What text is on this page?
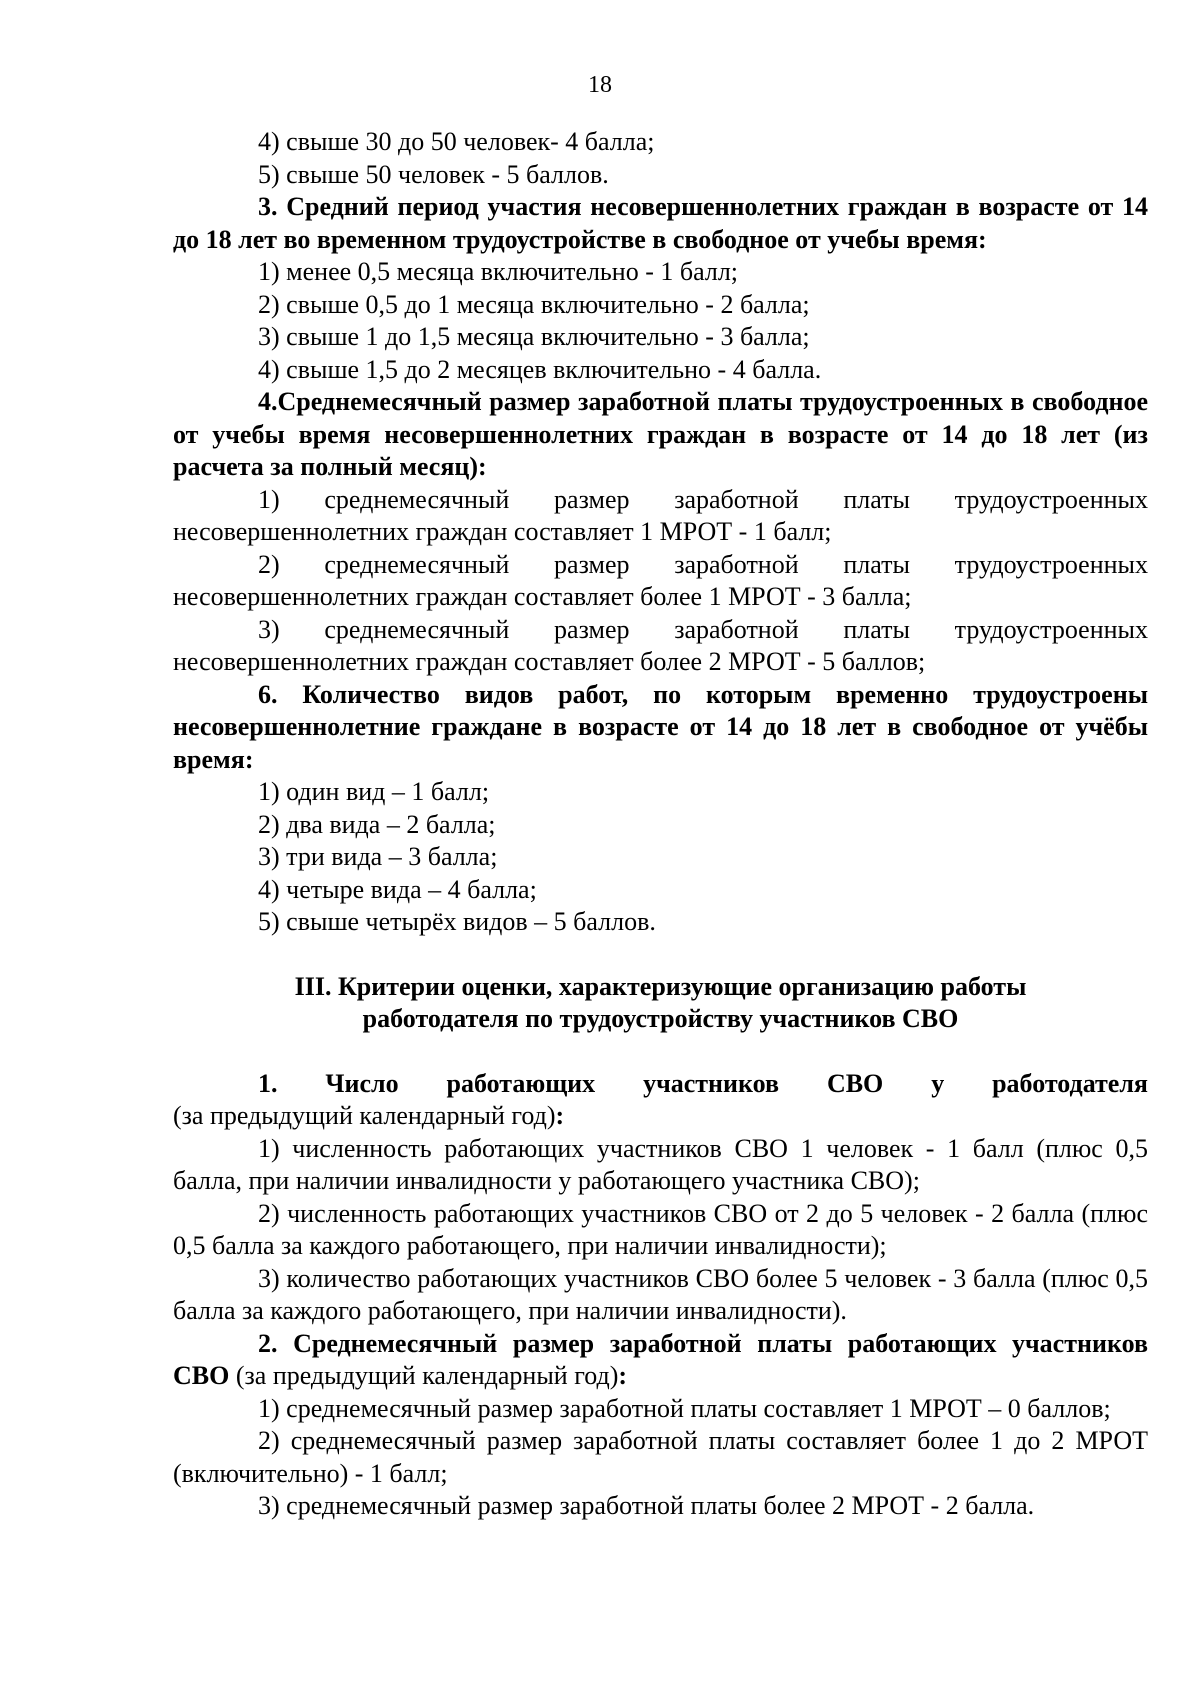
18

4) свыше 30 до 50 человек- 4 балла;

5) свыше 50 человек - 5 баллов.

3. Средний период участия несовершеннолетних граждан в возрасте от 14 до 18 лет во временном трудоустройстве в свободное от учебы время:

1) менее 0,5 месяца включительно - 1 балл;

2) свыше 0,5 до 1 месяца включительно - 2 балла;

3) свыше 1 до 1,5 месяца включительно - 3 балла;

4) свыше 1,5 до 2 месяцев включительно - 4 балла.

4.Среднемесячный размер заработной платы трудоустроенных в свободное от учебы время несовершеннолетних граждан в возрасте от 14 до 18 лет (из расчета за полный месяц):

1) среднемесячный размер заработной платы трудоустроенных несовершеннолетних граждан составляет 1 МРОТ - 1 балл;

2) среднемесячный размер заработной платы трудоустроенных несовершеннолетних граждан составляет более 1 МРОТ - 3 балла;

3) среднемесячный размер заработной платы трудоустроенных несовершеннолетних граждан составляет более 2 МРОТ - 5 баллов;

6. Количество видов работ, по которым временно трудоустроены несовершеннолетние граждане в возрасте от 14 до 18 лет в свободное от учёбы время:

1) один вид – 1 балл;

2) два вида – 2 балла;

3) три вида – 3 балла;

4) четыре вида – 4 балла;

5) свыше четырёх видов – 5 баллов.

III. Критерии оценки, характеризующие организацию работы
работодателя по трудоустройству участников СВО

1. Число работающих участников СВО у работодателя

(за предыдущий календарный год):

1) численность работающих участников СВО 1 человек - 1 балл (плюс 0,5 балла, при наличии инвалидности у работающего участника СВО);

2) численность работающих участников СВО от 2 до 5 человек - 2 балла (плюс 0,5 балла за каждого работающего, при наличии инвалидности);

3) количество работающих участников СВО более 5 человек - 3 балла (плюс 0,5 балла за каждого работающего, при наличии инвалидности).

2. Среднемесячный размер заработной платы работающих участников СВО (за предыдущий календарный год):

1) среднемесячный размер заработной платы составляет 1 МРОТ – 0 баллов;

2) среднемесячный размер заработной платы составляет более 1 до 2 МРОТ (включительно) - 1 балл;

3) среднемесячный размер заработной платы более 2 МРОТ - 2 балла.
